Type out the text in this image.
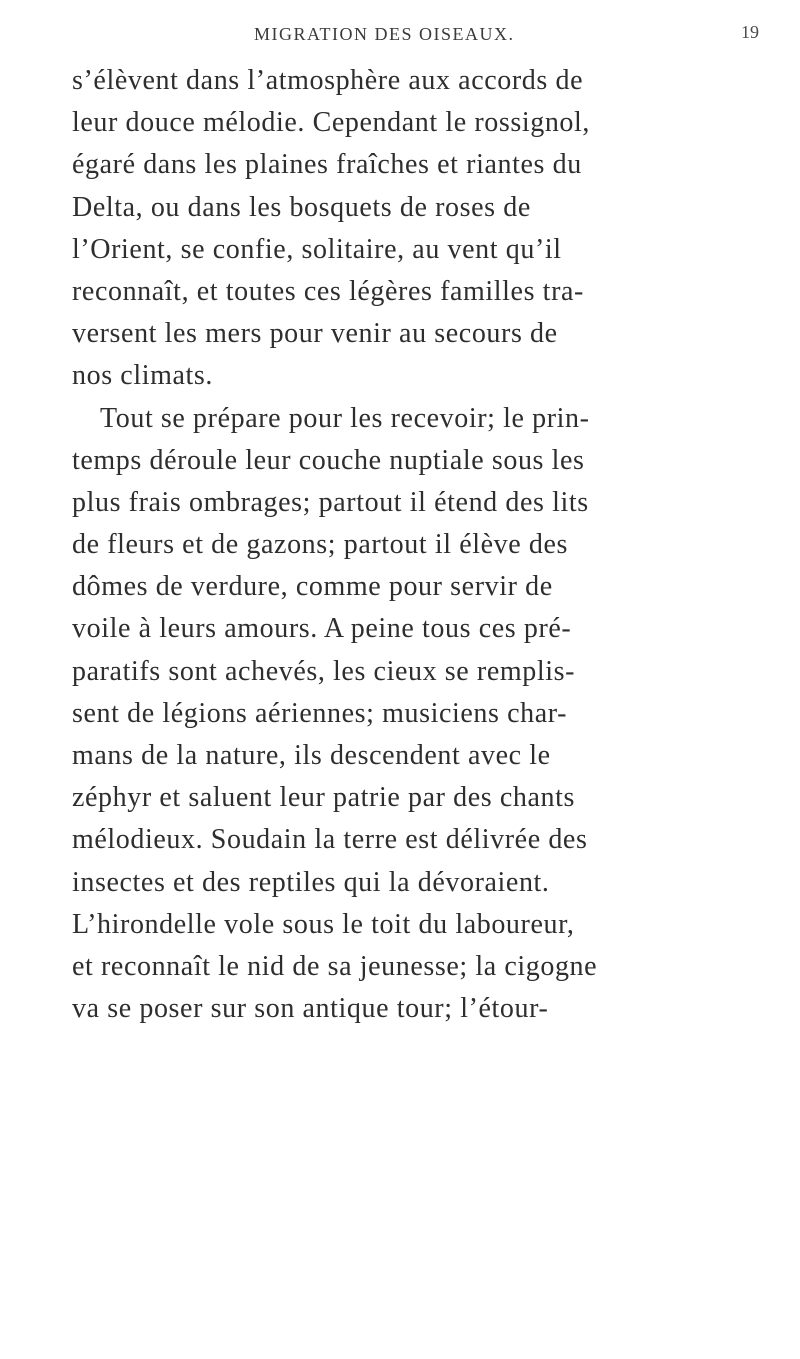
MIGRATION DES OISEAUX.	19
s’élèvent dans l’atmosphère aux accords de
leur douce mélodie. Cependant le rossignol,
égaré dans les plaines fraîches et riantes du
Delta, ou dans les bosquets de roses de
l’Orient, se confie, solitaire, au vent qu’il
reconnaît, et toutes ces légères familles tra-
versent les mers pour venir au secours de
nos climats.
Tout se prépare pour les recevoir; le prin-
temps déroule leur couche nuptiale sous les
plus frais ombrages; partout il étend des lits
de fleurs et de gazons; partout il élève des
dômes de verdure, comme pour servir de
voile à leurs amours. A peine tous ces pré-
paratifs sont achevés, les cieux se remplis-
sent de légions aériennes; musiciens char-
mans de la nature, ils descendent avec le
zéphyr et saluent leur patrie par des chants
mélodieux. Soudain la terre est délivrée des
insectes et des reptiles qui la dévoraient.
L’hirondelle vole sous le toit du laboureur,
et reconnaît le nid de sa jeunesse; la cigogne
va se poser sur son antique tour; l’étour-
